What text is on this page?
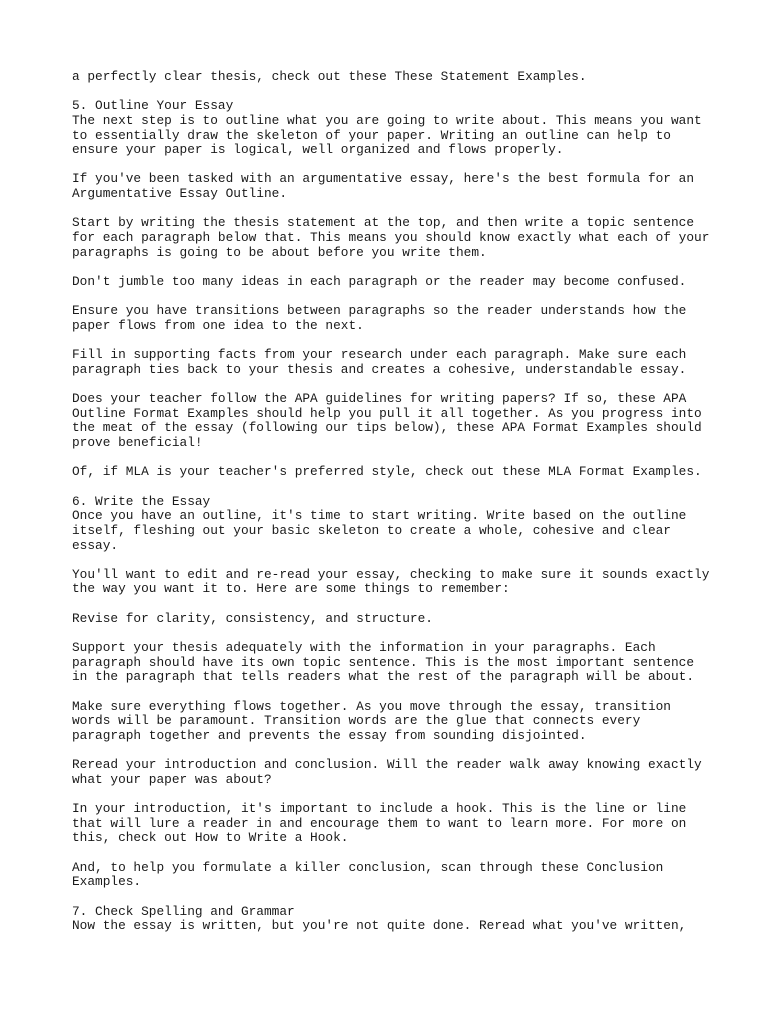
a perfectly clear thesis, check out these These Statement Examples.
5. Outline Your Essay
The next step is to outline what you are going to write about. This means you want
to essentially draw the skeleton of your paper. Writing an outline can help to
ensure your paper is logical, well organized and flows properly.
If you've been tasked with an argumentative essay, here's the best formula for an
Argumentative Essay Outline.
Start by writing the thesis statement at the top, and then write a topic sentence
for each paragraph below that. This means you should know exactly what each of your
paragraphs is going to be about before you write them.
Don't jumble too many ideas in each paragraph or the reader may become confused.
Ensure you have transitions between paragraphs so the reader understands how the
paper flows from one idea to the next.
Fill in supporting facts from your research under each paragraph. Make sure each
paragraph ties back to your thesis and creates a cohesive, understandable essay.
Does your teacher follow the APA guidelines for writing papers? If so, these APA
Outline Format Examples should help you pull it all together. As you progress into
the meat of the essay (following our tips below), these APA Format Examples should
prove beneficial!
Of, if MLA is your teacher's preferred style, check out these MLA Format Examples.
6. Write the Essay
Once you have an outline, it's time to start writing. Write based on the outline
itself, fleshing out your basic skeleton to create a whole, cohesive and clear
essay.
You'll want to edit and re-read your essay, checking to make sure it sounds exactly
the way you want it to. Here are some things to remember:
Revise for clarity, consistency, and structure.
Support your thesis adequately with the information in your paragraphs. Each
paragraph should have its own topic sentence. This is the most important sentence
in the paragraph that tells readers what the rest of the paragraph will be about.
Make sure everything flows together. As you move through the essay, transition
words will be paramount. Transition words are the glue that connects every
paragraph together and prevents the essay from sounding disjointed.
Reread your introduction and conclusion. Will the reader walk away knowing exactly
what your paper was about?
In your introduction, it's important to include a hook. This is the line or line
that will lure a reader in and encourage them to want to learn more. For more on
this, check out How to Write a Hook.
And, to help you formulate a killer conclusion, scan through these Conclusion
Examples.
7. Check Spelling and Grammar
Now the essay is written, but you're not quite done. Reread what you've written,
